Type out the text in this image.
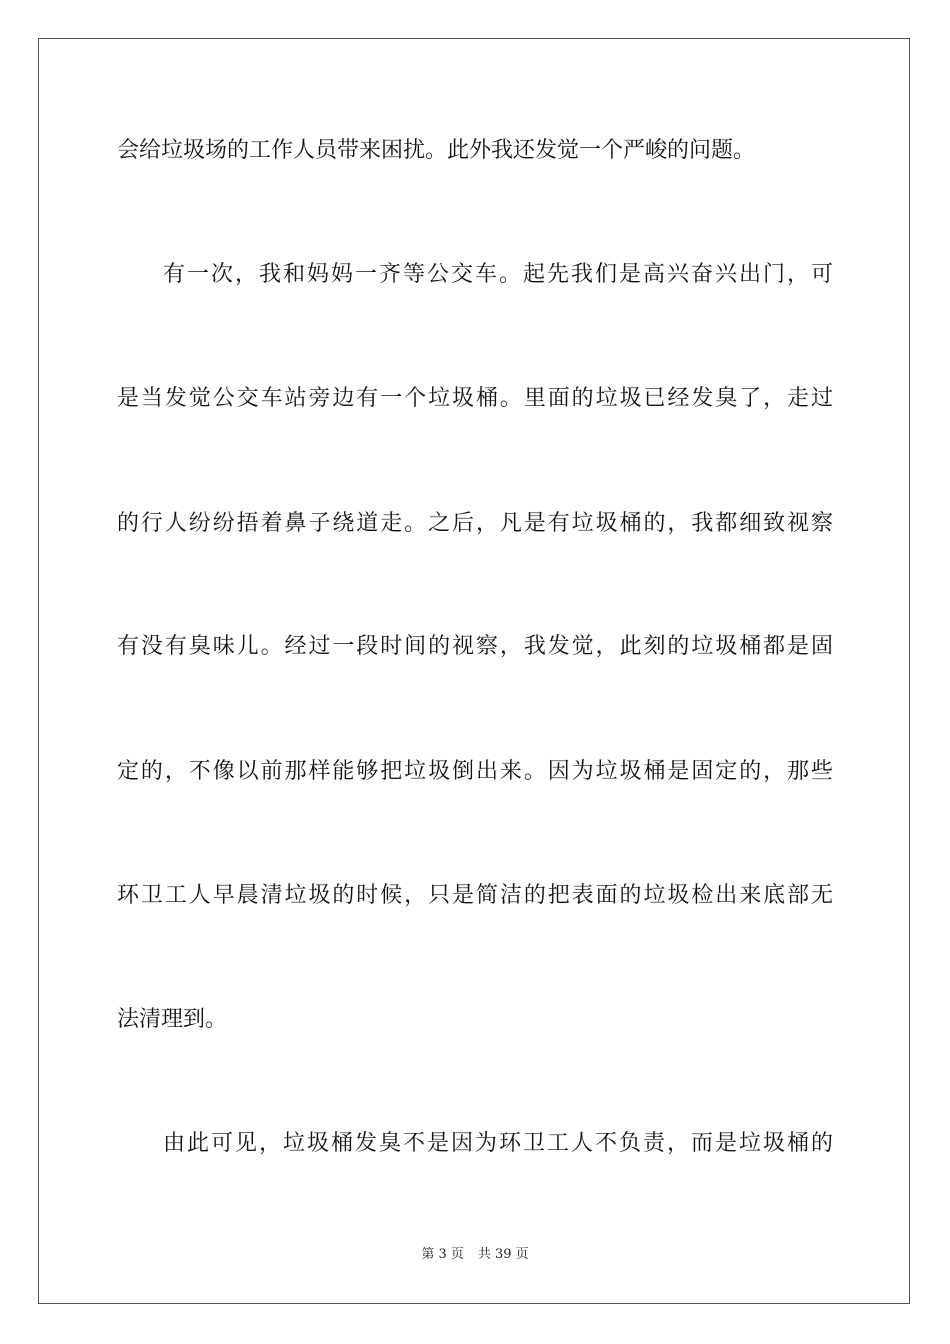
会给垃圾场的工作人员带来困扰。此外我还发觉一个严峻的问题。
有一次，我和妈妈一齐等公交车。起先我们是高兴奋兴出门，可
是当发觉公交车站旁边有一个垃圾桶。里面的垃圾已经发臭了，走过
的行人纷纷捂着鼻子绕道走。之后，凡是有垃圾桶的，我都细致视察
有没有臭味儿。经过一段时间的视察，我发觉，此刻的垃圾桶都是固
定的，不像以前那样能够把垃圾倒出来。因为垃圾桶是固定的，那些
环卫工人早晨清垃圾的时候，只是简洁的把表面的垃圾检出来底部无
法清理到。
由此可见，垃圾桶发臭不是因为环卫工人不负责，而是垃圾桶的
第 3 页 共 39 页
